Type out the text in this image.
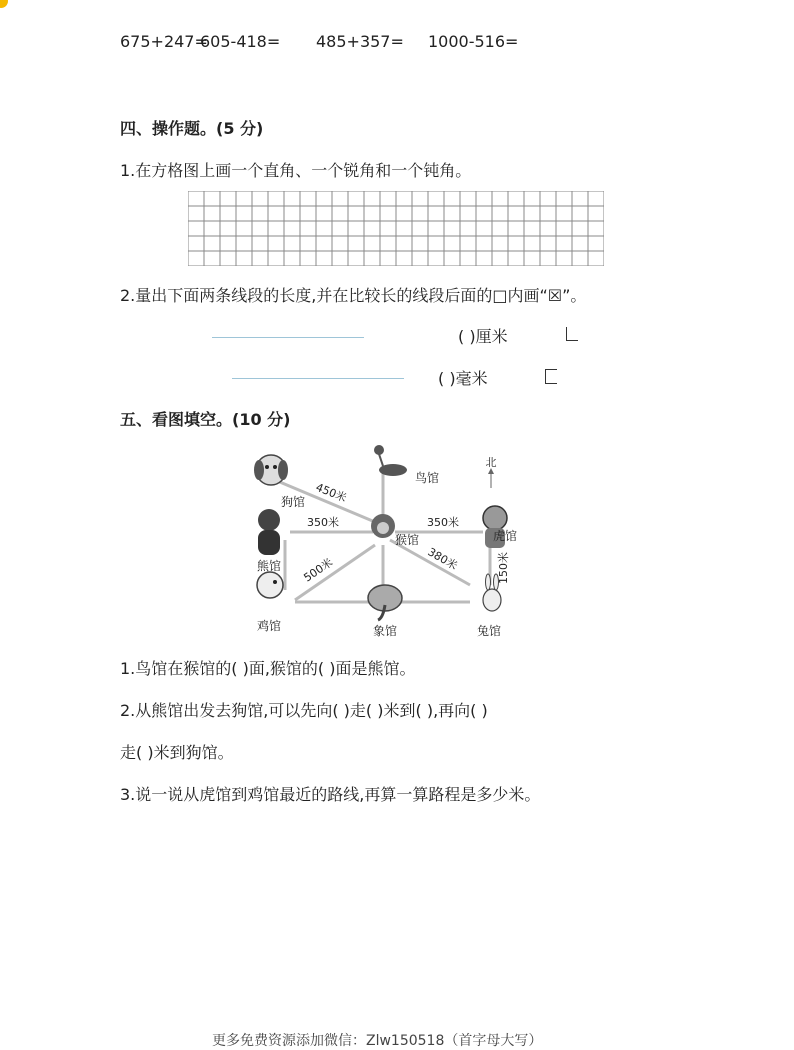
675+247=
605-418= 485+357= 1000-516=
四、操作题。(5 分)
1.在方格图上画一个直角、一个锐角和一个钝角。
2.量出下面两条线段的长度,并在比较长的线段后面的□内画“☒”。
( )厘米
( )毫米
五、看图填空。(10 分)
北
鸟馆
狗馆
熊馆
猴馆	虎馆
鸡馆	象馆	兔馆
450米
350米	350米
380米
500米	150米
1.鸟馆在猴馆的( )面,猴馆的( )面是熊馆。
2.从熊馆出发去狗馆,可以先向( )走( )米到( ),再向( )
走( )米到狗馆。
3.说一说从虎馆到鸡馆最近的路线,再算一算路程是多少米。
更多免费资源添加微信：Zlw150518（首字母大写）
